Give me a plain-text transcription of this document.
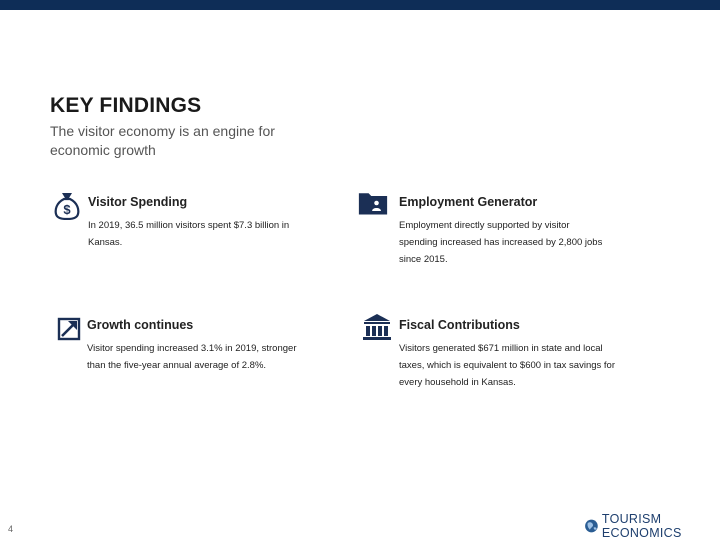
KEY FINDINGS
The visitor economy is an engine for economic growth
$ Visitor Spending
In 2019, 36.5 million visitors spent $7.3 billion in Kansas.
Employment Generator
Employment directly supported by visitor spending increased has increased by 2,800 jobs since 2015.
Growth continues
Visitor spending increased 3.1% in 2019, stronger than the five-year annual average of 2.8%.
Fiscal Contributions
Visitors generated $671 million in state and local taxes, which is equivalent to $600 in tax savings for every household in Kansas.
4
TOURISM ECONOMICS
